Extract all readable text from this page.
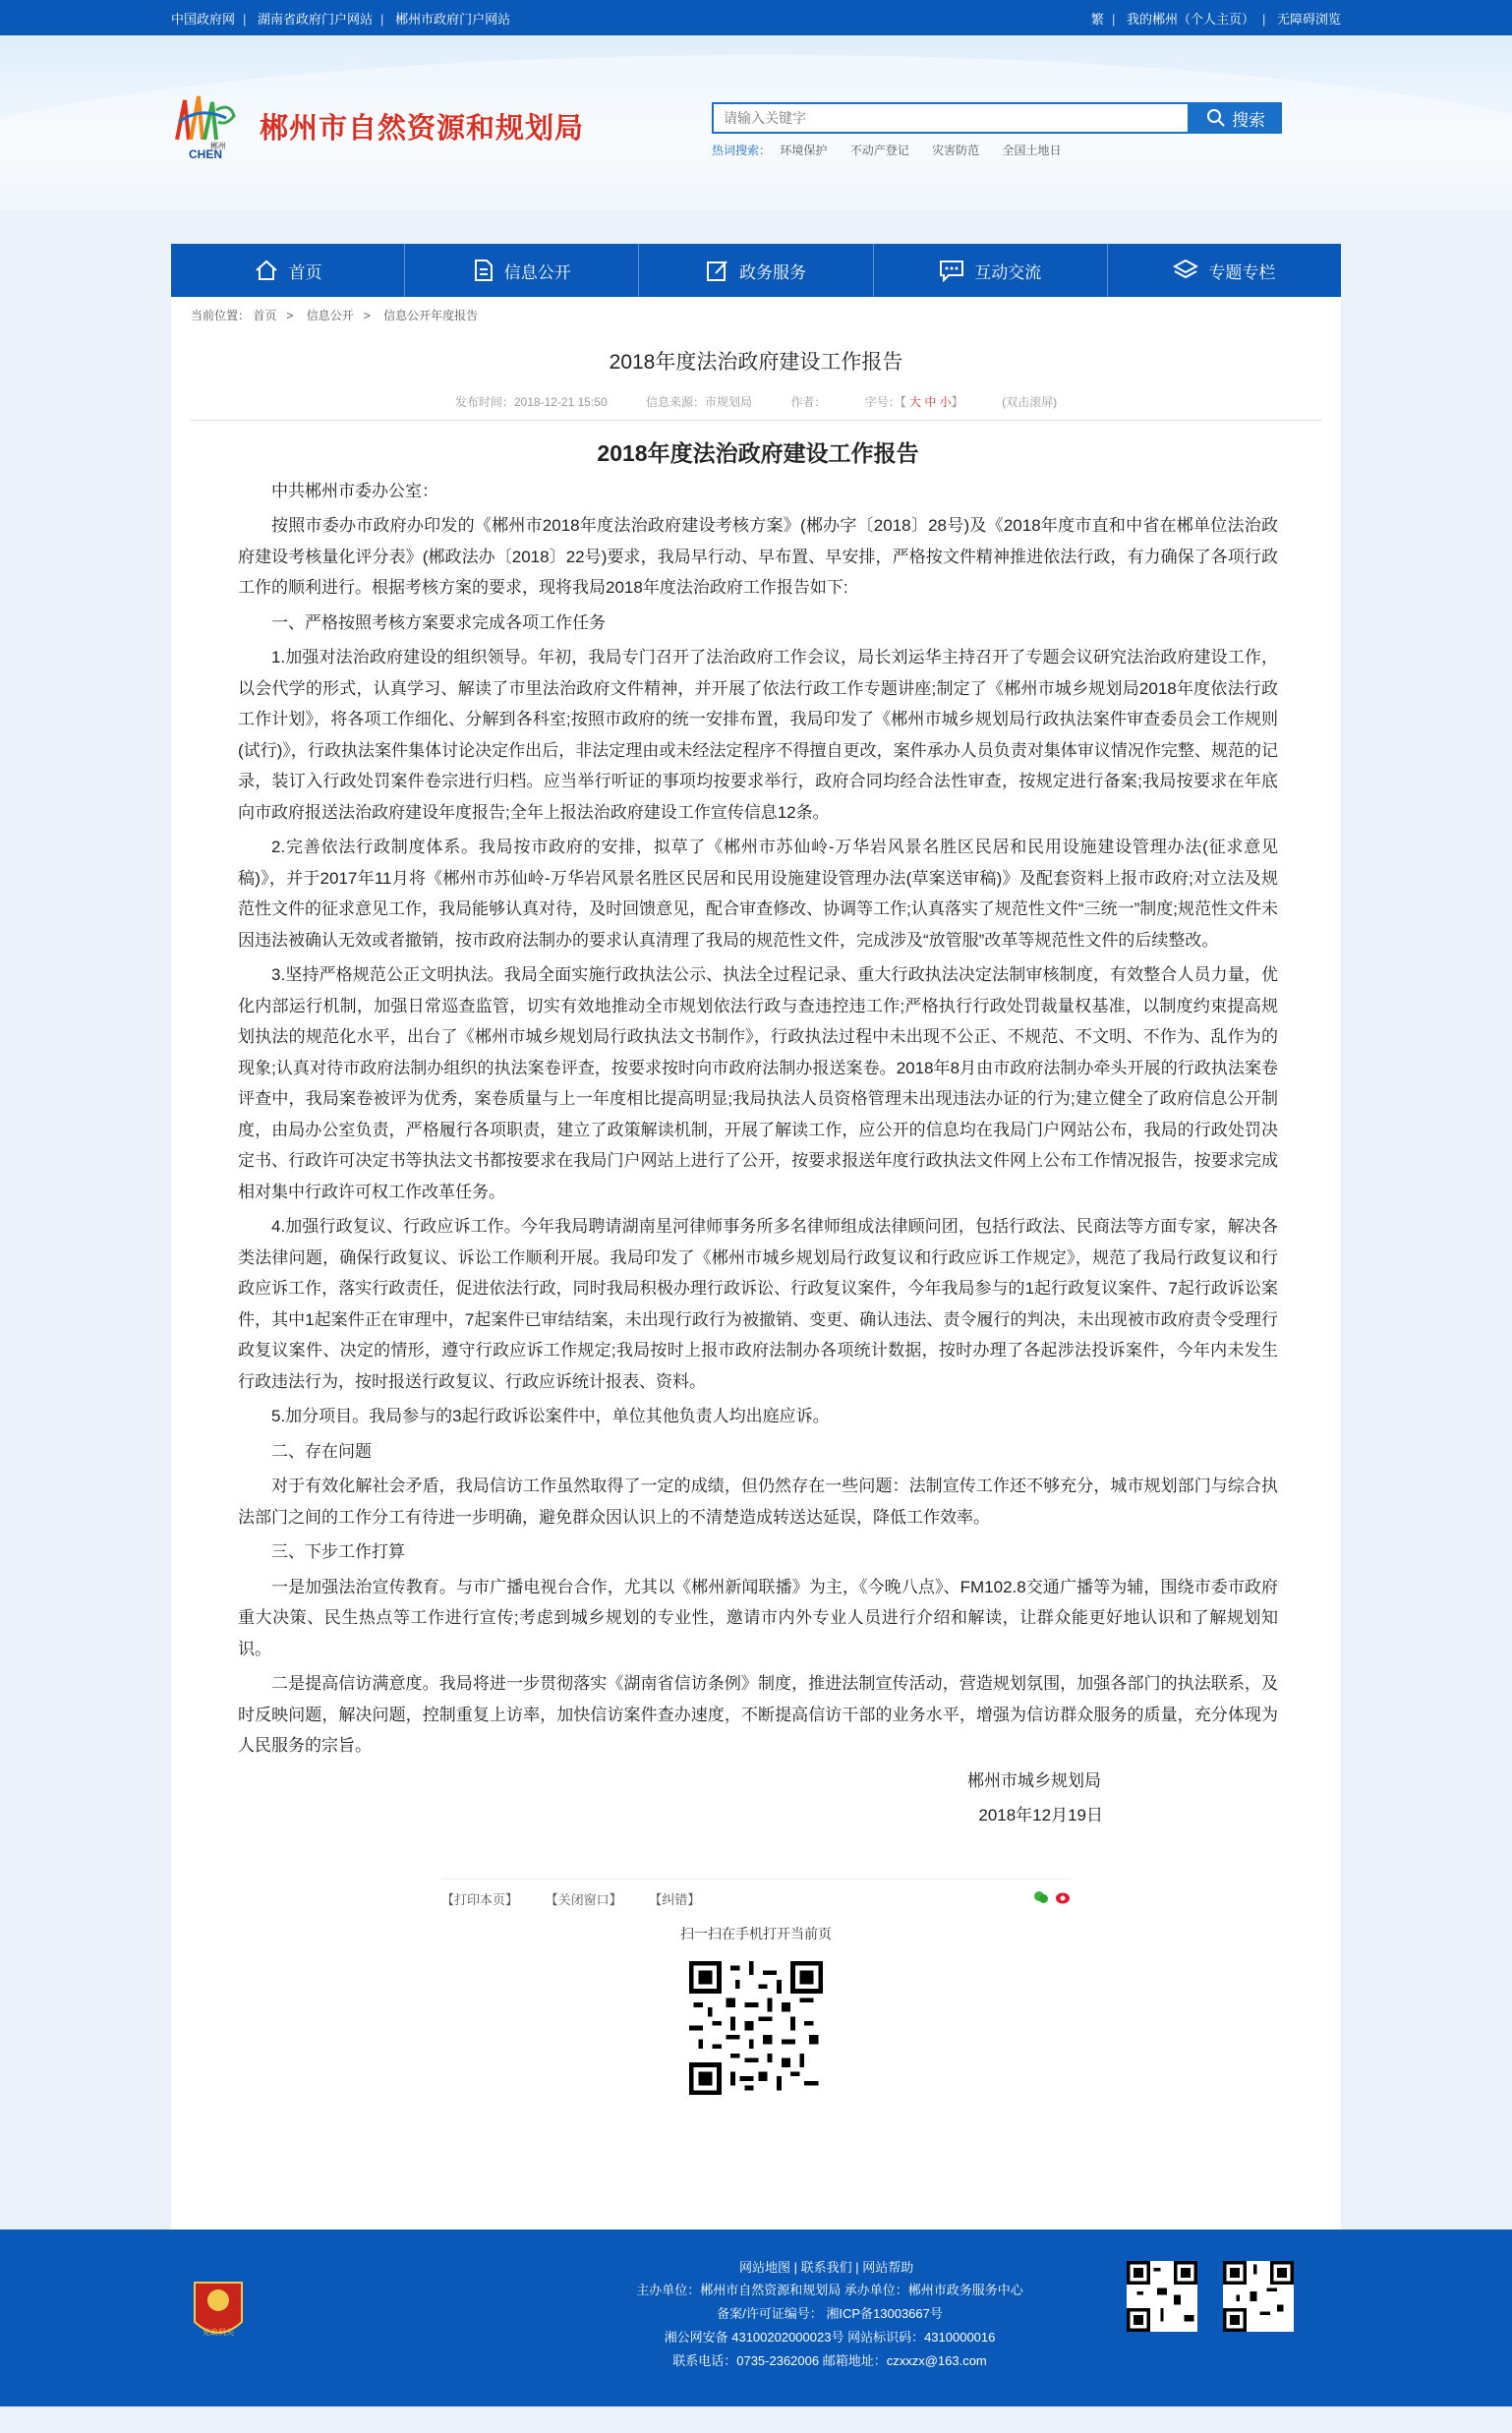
中国政府网 | 湖南省政府门户网站 | 郴州市政府门户网站	繁 | 我的郴州（个人主页） | 无障碍浏览
郴州
CHEN
郴州市自然资源和规划局
请输入关键字	搜索
热词搜索： 环境保护 不动产登记 灾害防范 全国土地日
首页	信息公开	政务服务	互动交流	专题专栏
当前位置： 首页 > 信息公开 > 信息公开年度报告
2018年度法治政府建设工作报告
发布时间：2018-12-21 15:50	信息来源：市规划局	作者：	字号：【 大 中 小】	(双击滚屏)
2018年度法治政府建设工作报告

中共郴州市委办公室：

按照市委办市政府办印发的《郴州市2018年度法治政府建设考核方案》(郴办字〔2018〕28号)及《2018年度市直和中省在郴单位法治政府建设考核量化评分表》(郴政法办〔2018〕22号)要求，我局早行动、早布置、早安排，严格按文件精神推进依法行政，有力确保了各项行政工作的顺利进行。根据考核方案的要求，现将我局2018年度法治政府工作报告如下:

一、严格按照考核方案要求完成各项工作任务

1.加强对法治政府建设的组织领导。年初，我局专门召开了法治政府工作会议，局长刘运华主持召开了专题会议研究法治政府建设工作，以会代学的形式，认真学习、解读了市里法治政府文件精神，并开展了依法行政工作专题讲座;制定了《郴州市城乡规划局2018年度依法行政工作计划》，将各项工作细化、分解到各科室;按照市政府的统一安排布置，我局印发了《郴州市城乡规划局行政执法案件审查委员会工作规则(试行)》，行政执法案件集体讨论决定作出后，非法定理由或未经法定程序不得擅自更改，案件承办人员负责对集体审议情况作完整、规范的记录，装订入行政处罚案件卷宗进行归档。应当举行听证的事项均按要求举行，政府合同均经合法性审查，按规定进行备案;我局按要求在年底向市政府报送法治政府建设年度报告;全年上报法治政府建设工作宣传信息12条。

2.完善依法行政制度体系。我局按市政府的安排，拟草了《郴州市苏仙岭-万华岩风景名胜区民居和民用设施建设管理办法(征求意见稿)》，并于2017年11月将《郴州市苏仙岭-万华岩风景名胜区民居和民用设施建设管理办法(草案送审稿)》及配套资料上报市政府;对立法及规范性文件的征求意见工作，我局能够认真对待，及时回馈意见，配合审查修改、协调等工作;认真落实了规范性文件“三统一”制度;规范性文件未因违法被确认无效或者撤销，按市政府法制办的要求认真清理了我局的规范性文件，完成涉及“放管服”改革等规范性文件的后续整改。

3.坚持严格规范公正文明执法。我局全面实施行政执法公示、执法全过程记录、重大行政执法决定法制审核制度，有效整合人员力量，优化内部运行机制，加强日常巡查监管，切实有效地推动全市规划依法行政与查违控违工作;严格执行行政处罚裁量权基准，以制度约束提高规划执法的规范化水平，出台了《郴州市城乡规划局行政执法文书制作》，行政执法过程中未出现不公正、不规范、不文明、不作为、乱作为的现象;认真对待市政府法制办组织的执法案卷评查，按要求按时向市政府法制办报送案卷。2018年8月由市政府法制办牵头开展的行政执法案卷评查中，我局案卷被评为优秀，案卷质量与上一年度相比提高明显;我局执法人员资格管理未出现违法办证的行为;建立健全了政府信息公开制度，由局办公室负责，严格履行各项职责，建立了政策解读机制，开展了解读工作，应公开的信息均在我局门户网站公布，我局的行政处罚决定书、行政许可决定书等执法文书都按要求在我局门户网站上进行了公开，按要求报送年度行政执法文件网上公布工作情况报告，按要求完成相对集中行政许可权工作改革任务。

4.加强行政复议、行政应诉工作。今年我局聘请湖南星河律师事务所多名律师组成法律顾问团，包括行政法、民商法等方面专家，解决各类法律问题，确保行政复议、诉讼工作顺利开展。我局印发了《郴州市城乡规划局行政复议和行政应诉工作规定》，规范了我局行政复议和行政应诉工作，落实行政责任，促进依法行政，同时我局积极办理行政诉讼、行政复议案件，今年我局参与的1起行政复议案件、7起行政诉讼案件，其中1起案件正在审理中，7起案件已审结结案，未出现行政行为被撤销、变更、确认违法、责令履行的判决，未出现被市政府责令受理行政复议案件、决定的情形，遵守行政应诉工作规定;我局按时上报市政府法制办各项统计数据，按时办理了各起涉法投诉案件，今年内未发生行政违法行为，按时报送行政复议、行政应诉统计报表、资料。

5.加分项目。我局参与的3起行政诉讼案件中，单位其他负责人均出庭应诉。

二、存在问题

对于有效化解社会矛盾，我局信访工作虽然取得了一定的成绩，但仍然存在一些问题：法制宣传工作还不够充分，城市规划部门与综合执法部门之间的工作分工有待进一步明确，避免群众因认识上的不清楚造成转送达延误，降低工作效率。

三、下步工作打算

一是加强法治宣传教育。与市广播电视台合作，尤其以《郴州新闻联播》为主，《今晚八点》、FM102.8交通广播等为辅，围绕市委市政府重大决策、民生热点等工作进行宣传;考虑到城乡规划的专业性，邀请市内外专业人员进行介绍和解读，让群众能更好地认识和了解规划知识。

二是提高信访满意度。我局将进一步贯彻落实《湖南省信访条例》制度，推进法制宣传活动，营造规划氛围，加强各部门的执法联系，及时反映问题，解决问题，控制重复上访率，加快信访案件查办速度，不断提高信访干部的业务水平，增强为信访群众服务的质量，充分体现为人民服务的宗旨。

郴州市城乡规划局

2018年12月19日

【打印本页】 【关闭窗口】 【纠错】
扫一扫在手机打开当前页
党政机关
网站地图 | 联系我们 | 网站帮助
主办单位：郴州市自然资源和规划局 承办单位：郴州市政务服务中心
备案/许可证编号： 湘ICP备13003667号
湘公网安备 43100202000023号 网站标识码：4310000016
联系电话：0735-2362006 邮箱地址：czxxzx@163.com
